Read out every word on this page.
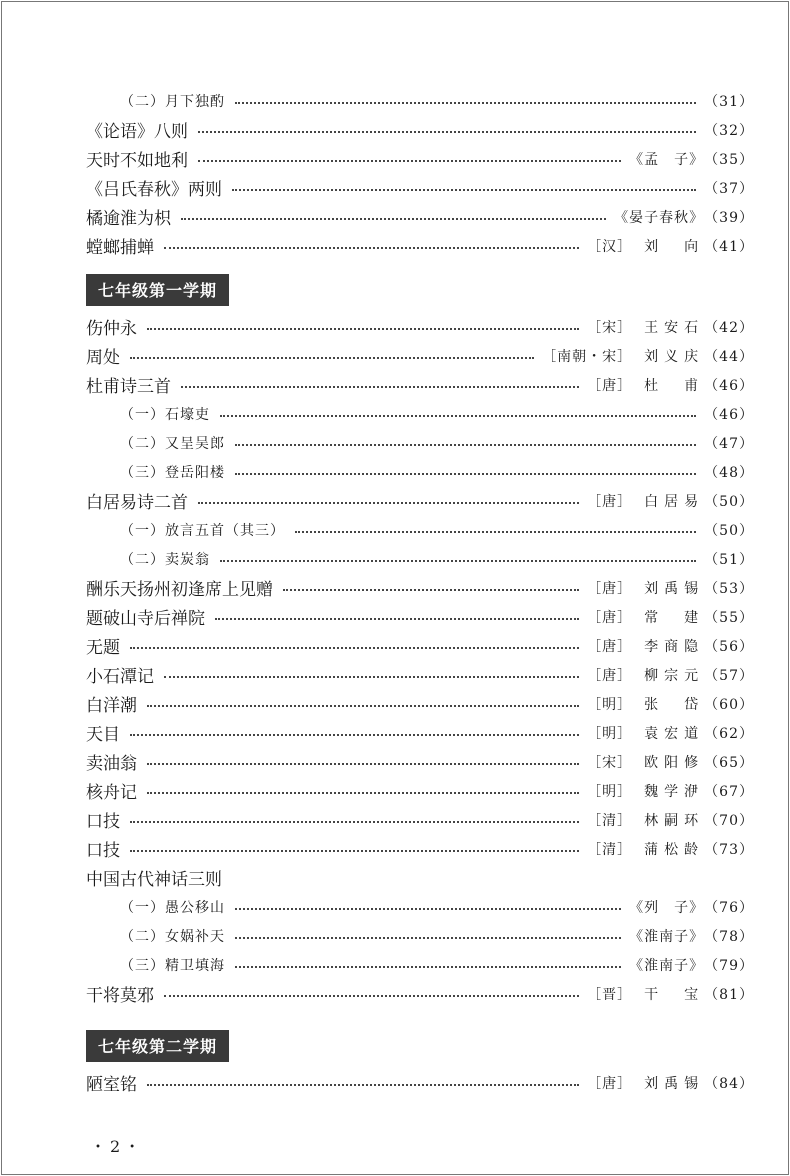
（二）月下独酌	（31）
《论语》八则	（32）
天时不如地利	《孟　子》 （35）
《吕氏春秋》两则	（37）
橘逾淮为枳	《晏子春秋》 （39）
螳螂捕蝉	［汉］ 刘　向 （41）
七年级第一学期
伤仲永	［宋］ 王安石 （42）
周处	［南朝・宋］ 刘义庆 （44）
杜甫诗三首	［唐］ 杜　甫 （46）
（一）石壕吏	（46）
（二）又呈吴郎	（47）
（三）登岳阳楼	（48）
白居易诗二首	［唐］ 白居易 （50）
（一）放言五首（其三）	（50）
（二）卖炭翁	（51）
酬乐天扬州初逢席上见赠	［唐］ 刘禹锡 （53）
题破山寺后禅院	［唐］ 常　建 （55）
无题	［唐］ 李商隐 （56）
小石潭记	［唐］ 柳宗元 （57）
白洋潮	［明］ 张　岱 （60）
天目	［明］ 袁宏道 （62）
卖油翁	［宋］ 欧阳修 （65）
核舟记	［明］ 魏学洢 （67）
口技	［清］ 林嗣环 （70）
口技	［清］ 蒲松龄 （73）
中国古代神话三则
（一）愚公移山	《列　子》 （76）
（二）女娲补天	《淮南子》 （78）
（三）精卫填海	《淮南子》 （79）
干将莫邪	［晋］ 干　宝 （81）
七年级第二学期
陋室铭	［唐］ 刘禹锡 （84）
・2・
